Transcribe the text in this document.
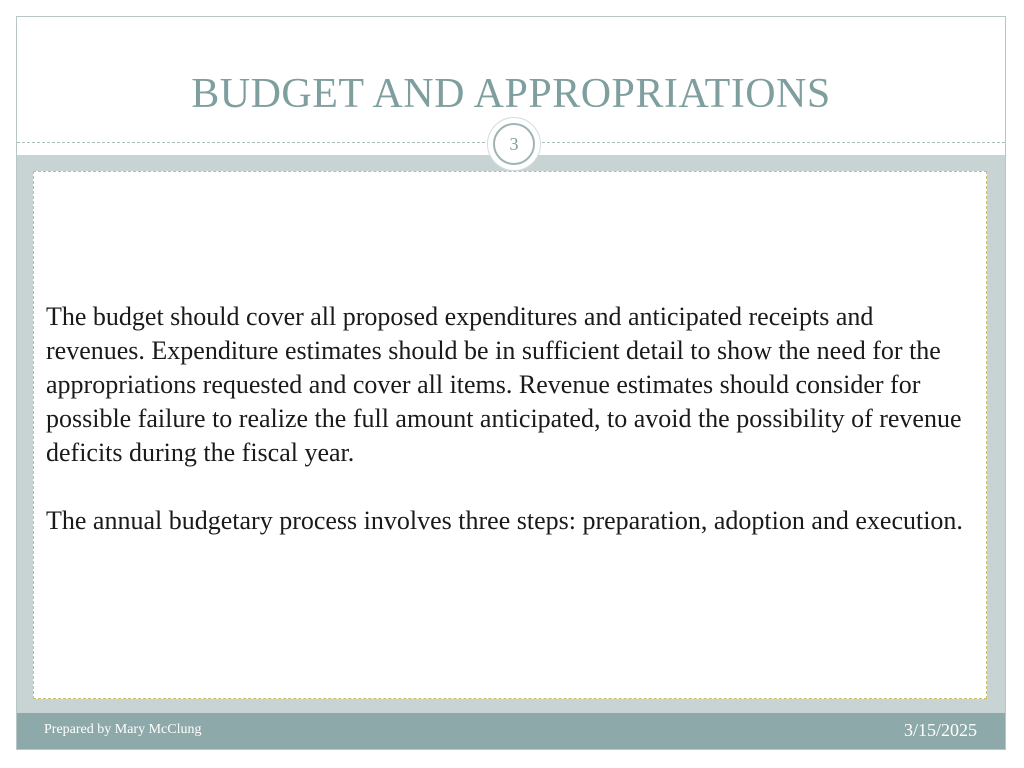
BUDGET AND APPROPRIATIONS
3

The budget should cover all proposed expenditures and anticipated receipts and revenues. Expenditure estimates should be in sufficient detail to show the need for the appropriations requested and cover all items. Revenue estimates should consider for possible failure to realize the full amount anticipated, to avoid the possibility of revenue deficits during the fiscal year.

The annual budgetary process involves three steps: preparation, adoption and execution.

Prepared by Mary McClung	3/15/2025
